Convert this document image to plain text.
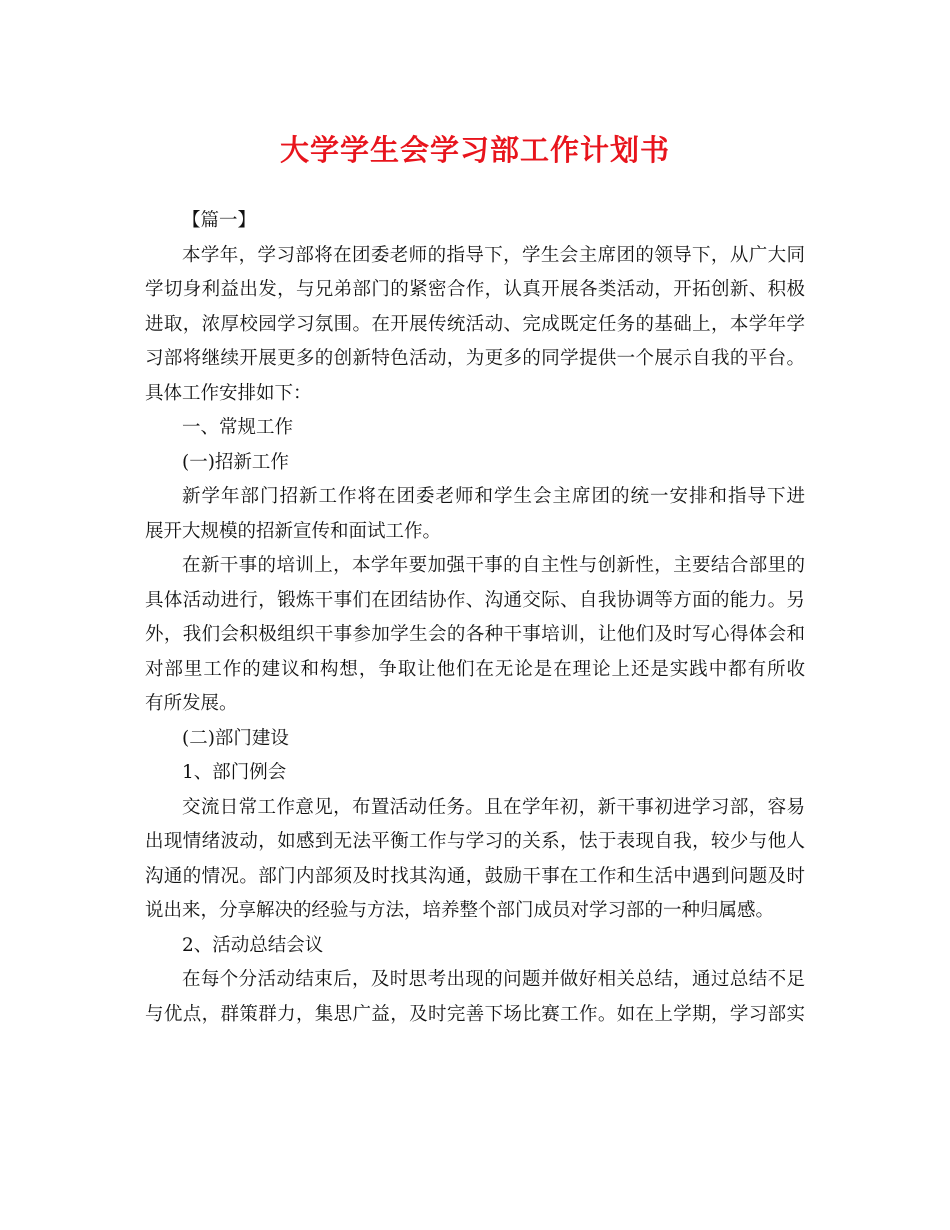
大学学生会学习部工作计划书

【篇一】

本学年，学习部将在团委老师的指导下，学生会主席团的领导下，从广大同

学切身利益出发，与兄弟部门的紧密合作，认真开展各类活动，开拓创新、积极

进取，浓厚校园学习氛围。在开展传统活动、完成既定任务的基础上，本学年学

习部将继续开展更多的创新特色活动，为更多的同学提供一个展示自我的平台。

具体工作安排如下：

一、常规工作

(一)招新工作

新学年部门招新工作将在团委老师和学生会主席团的统一安排和指导下进

展开大规模的招新宣传和面试工作。

在新干事的培训上，本学年要加强干事的自主性与创新性，主要结合部里的

具体活动进行，锻炼干事们在团结协作、沟通交际、自我协调等方面的能力。另

外，我们会积极组织干事参加学生会的各种干事培训，让他们及时写心得体会和

对部里工作的建议和构想，争取让他们在无论是在理论上还是实践中都有所收

有所发展。

(二)部门建设

1、部门例会

交流日常工作意见，布置活动任务。且在学年初，新干事初进学习部，容易

出现情绪波动，如感到无法平衡工作与学习的关系，怯于表现自我，较少与他人

沟通的情况。部门内部须及时找其沟通，鼓励干事在工作和生活中遇到问题及时

说出来，分享解决的经验与方法，培养整个部门成员对学习部的一种归属感。

2、活动总结会议

在每个分活动结束后，及时思考出现的问题并做好相关总结，通过总结不足

与优点，群策群力，集思广益，及时完善下场比赛工作。如在上学期，学习部实
